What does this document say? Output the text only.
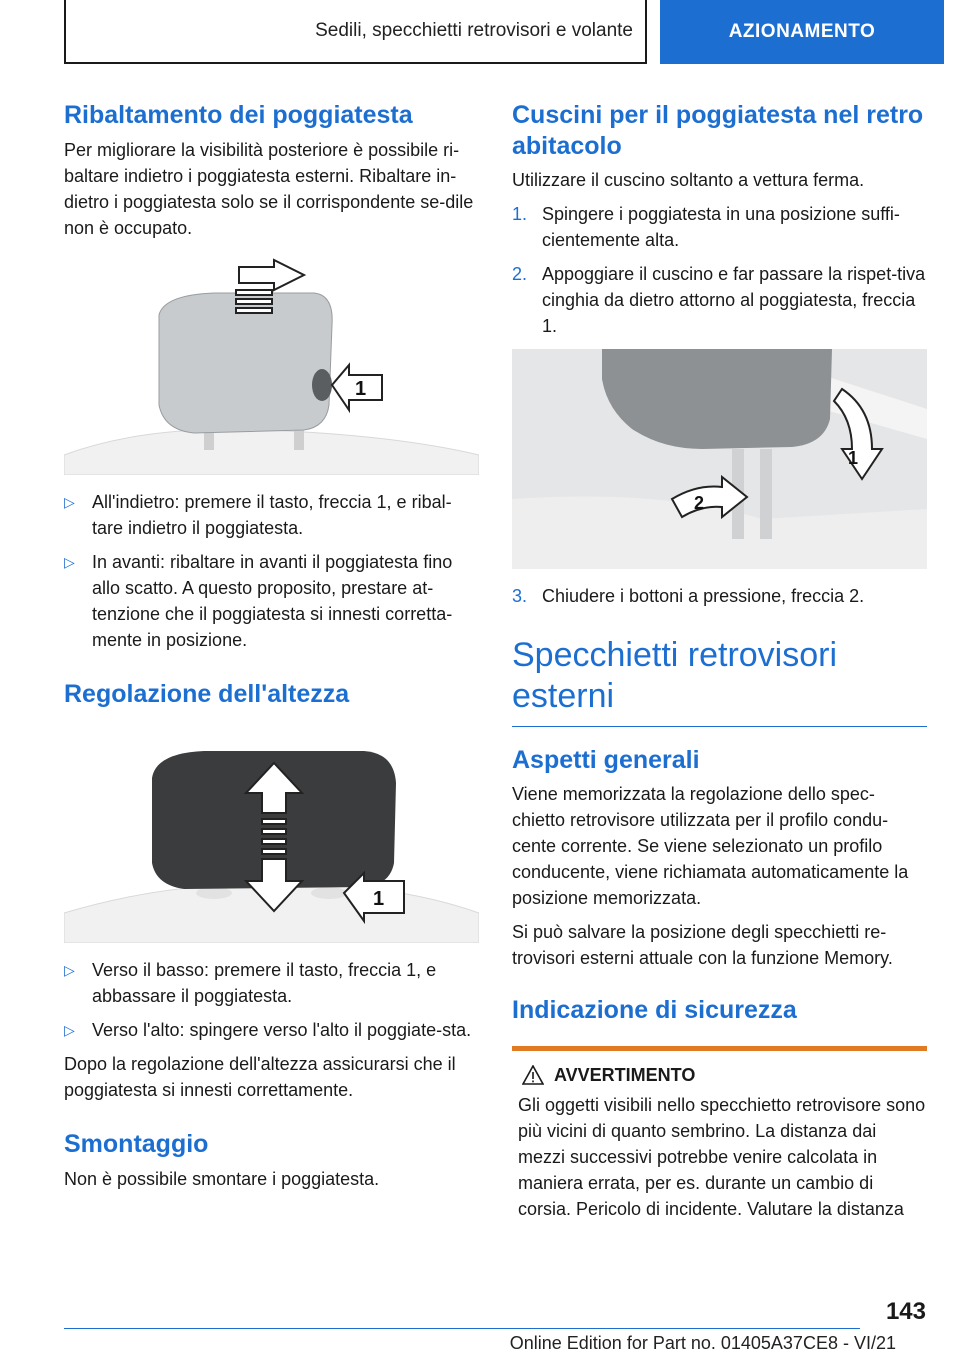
Sedili, specchietti retrovisori e volante	AZIONAMENTO
Ribaltamento dei poggiatesta

Per migliorare la visibilità posteriore è possibile ri-baltare indietro i poggiatesta esterni. Ribaltare in-dietro i poggiatesta solo se il corrispondente se-dile non è occupato.

1
▷ All'indietro: premere il tasto, freccia 1, e ribal-tare indietro il poggiatesta.
▷ In avanti: ribaltare in avanti il poggiatesta fino allo scatto. A questo proposito, prestare at-tenzione che il poggiatesta si innesti corretta-mente in posizione.
Regolazione dell'altezza
1
▷ Verso il basso: premere il tasto, freccia 1, e abbassare il poggiatesta.
▷ Verso l'alto: spingere verso l'alto il poggiate-sta.

Dopo la regolazione dell'altezza assicurarsi che il poggiatesta si innesti correttamente.

Smontaggio

Non è possibile smontare i poggiatesta.

Cuscini per il poggiatesta nel retro abitacolo

Utilizzare il cuscino soltanto a vettura ferma.

1. Spingere i poggiatesta in una posizione suffi-cientemente alta.
2. Appoggiare il cuscino e far passare la rispet-tiva cinghia da dietro attorno al poggiatesta, freccia 1.
1
2
3. Chiudere i bottoni a pressione, freccia 2.
Specchietti retrovisori esterni
Aspetti generali

Viene memorizzata la regolazione dello spec-chietto retrovisore utilizzata per il profilo condu-cente corrente. Se viene selezionato un profilo conducente, viene richiamata automaticamente la posizione memorizzata.

Si può salvare la posizione degli specchietti re-trovisori esterni attuale con la funzione Memory.

Indicazione di sicurezza
AVVERTIMENTO
Gli oggetti visibili nello specchietto retrovisore sono più vicini di quanto sembrino. La distanza dai mezzi successivi potrebbe venire calcolata in maniera errata, per es. durante un cambio di corsia. Pericolo di incidente. Valutare la distanza
143
Online Edition for Part no. 01405A37CE8 - VI/21
